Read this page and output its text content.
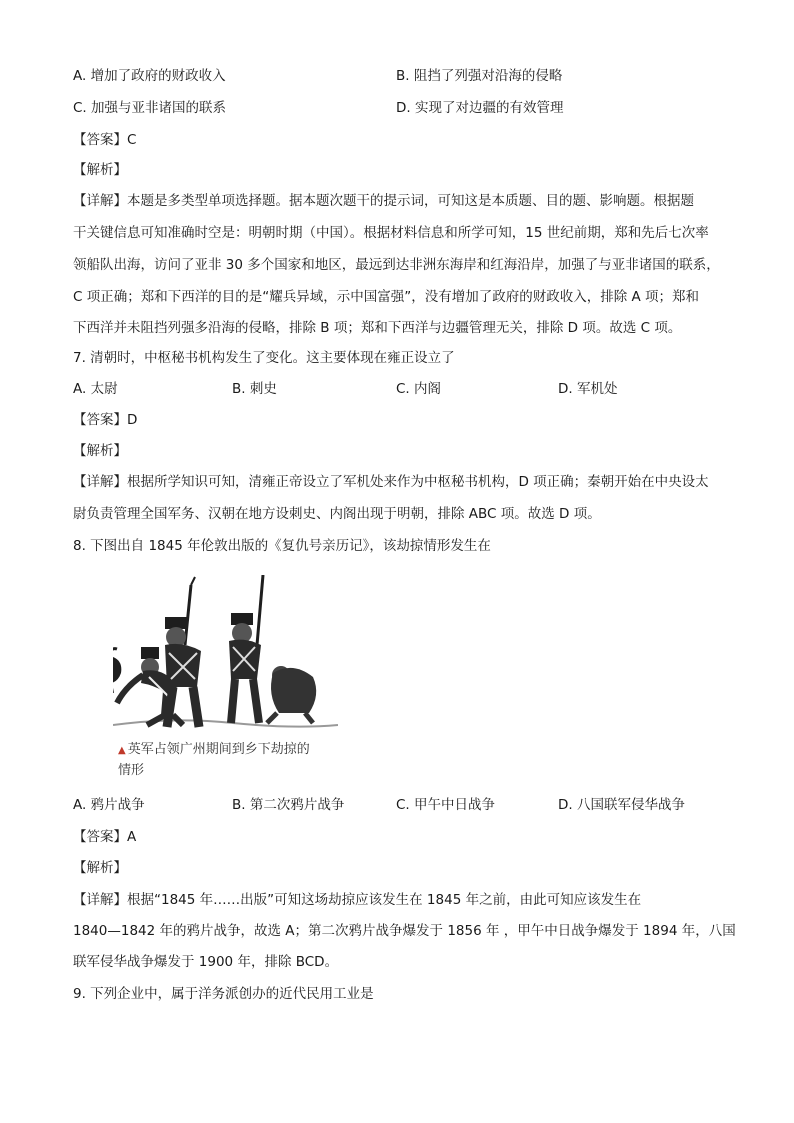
A. 增加了政府的财政收入	B. 阻挡了列强对沿海的侵略
C. 加强与亚非诸国的联系	D. 实现了对边疆的有效管理
【答案】C
【解析】
【详解】本题是多类型单项选择题。据本题次题干的提示词，可知这是本质题、目的题、影响题。根据题
干关键信息可知准确时空是：明朝时期（中国）。根据材料信息和所学可知，15 世纪前期，郑和先后七次率
领船队出海，访问了亚非 30 多个国家和地区，最远到达非洲东海岸和红海沿岸，加强了与亚非诸国的联系，
C 项正确；郑和下西洋的目的是“耀兵异域，示中国富强”，没有增加了政府的财政收入，排除 A 项；郑和
下西洋并未阻挡列强多沿海的侵略，排除 B 项；郑和下西洋与边疆管理无关，排除 D 项。故选 C 项。
7. 清朝时，中枢秘书机构发生了变化。这主要体现在雍正设立了
A. 太尉	B. 刺史	C. 内阁	D. 军机处
【答案】D
【解析】
【详解】根据所学知识可知，清雍正帝设立了军机处来作为中枢秘书机构，D 项正确；秦朝开始在中央设太
尉负责管理全国军务、汉朝在地方设刺史、内阁出现于明朝，排除 ABC 项。故选 D 项。
8. 下图出自 1845 年伦敦出版的《复仇号亲历记》，该劫掠情形发生在
▲ 英军占领广州期间到乡下劫掠的
情形
A. 鸦片战争	B. 第二次鸦片战争	C. 甲午中日战争	D. 八国联军侵华战争
【答案】A
【解析】
【详解】根据“1845 年……出版”可知这场劫掠应该发生在 1845 年之前，由此可知应该发生在
1840—1842 年的鸦片战争，故选 A；第二次鸦片战争爆发于 1856 年 ，甲午中日战争爆发于 1894 年，八国
联军侵华战争爆发于 1900 年，排除 BCD。
9. 下列企业中，属于洋务派创办的近代民用工业是
